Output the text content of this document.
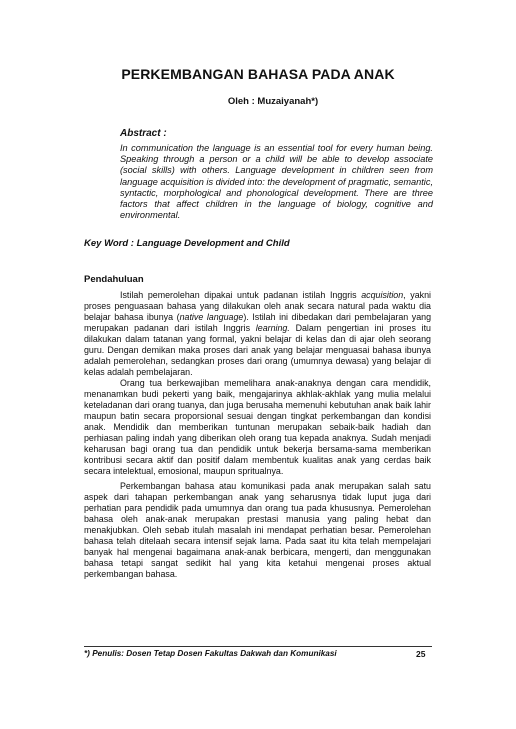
PERKEMBANGAN BAHASA PADA ANAK
Oleh : Muzaiyanah*)
Abstract :

In communication the language is an essential tool for every human being. Speaking through a person or a child will be able to develop associate (social skills) with others. Language development in children seen from language acquisition is divided into: the development of pragmatic, semantic, syntactic, morphological and phonological development. There are three factors that affect children in the language of biology, cognitive and environmental.

Key Word : Language Development and Child
Pendahuluan

Istilah pemerolehan dipakai untuk padanan istilah Inggris acquisition, yakni proses penguasaan bahasa yang dilakukan oleh anak secara natural pada waktu dia belajar bahasa ibunya (native language). Istilah ini dibedakan dari pembelajaran yang merupakan padanan dari istilah Inggris learning. Dalam pengertian ini proses itu dilakukan dalam tatanan yang formal, yakni belajar di kelas dan di ajar oleh seorang guru. Dengan demikan maka proses dari anak yang belajar menguasai bahasa ibunya adalah pemerolehan, sedangkan proses dari orang (umumnya dewasa) yang belajar di kelas adalah pembelajaran.

Orang tua berkewajiban memelihara anak-anaknya dengan cara mendidik, menanamkan budi pekerti yang baik, mengajarinya akhlak-akhlak yang mulia melalui keteladanan dari orang tuanya, dan juga berusaha memenuhi kebutuhan anak baik lahir maupun batin secara proporsional sesuai dengan tingkat perkembangan dan kondisi anak. Mendidik dan memberikan tuntunan merupakan sebaik-baik hadiah dan perhiasan paling indah yang diberikan oleh orang tua kepada anaknya. Sudah menjadi keharusan bagi orang tua dan pendidik untuk bekerja bersama-sama memberikan kontribusi secara aktif dan positif dalam membentuk kualitas anak yang cerdas baik secara intelektual, emosional, maupun spritualnya.

Perkembangan bahasa atau komunikasi pada anak merupakan salah satu aspek dari tahapan perkembangan anak yang seharusnya tidak luput juga dari perhatian para pendidik pada umumnya dan orang tua pada khususnya. Pemerolehan bahasa oleh anak-anak merupakan prestasi manusia yang paling hebat dan menakjubkan. Oleh sebab itulah masalah ini mendapat perhatian besar. Pemerolehan bahasa telah ditelaah secara intensif sejak lama. Pada saat itu kita telah mempelajari banyak hal mengenai bagaimana anak-anak berbicara, mengerti, dan menggunakan bahasa tetapi sangat sedikit hal yang kita ketahui mengenai proses aktual perkembangan bahasa.

*) Penulis: Dosen Tetap Dosen Fakultas Dakwah dan Komunikasi	25
